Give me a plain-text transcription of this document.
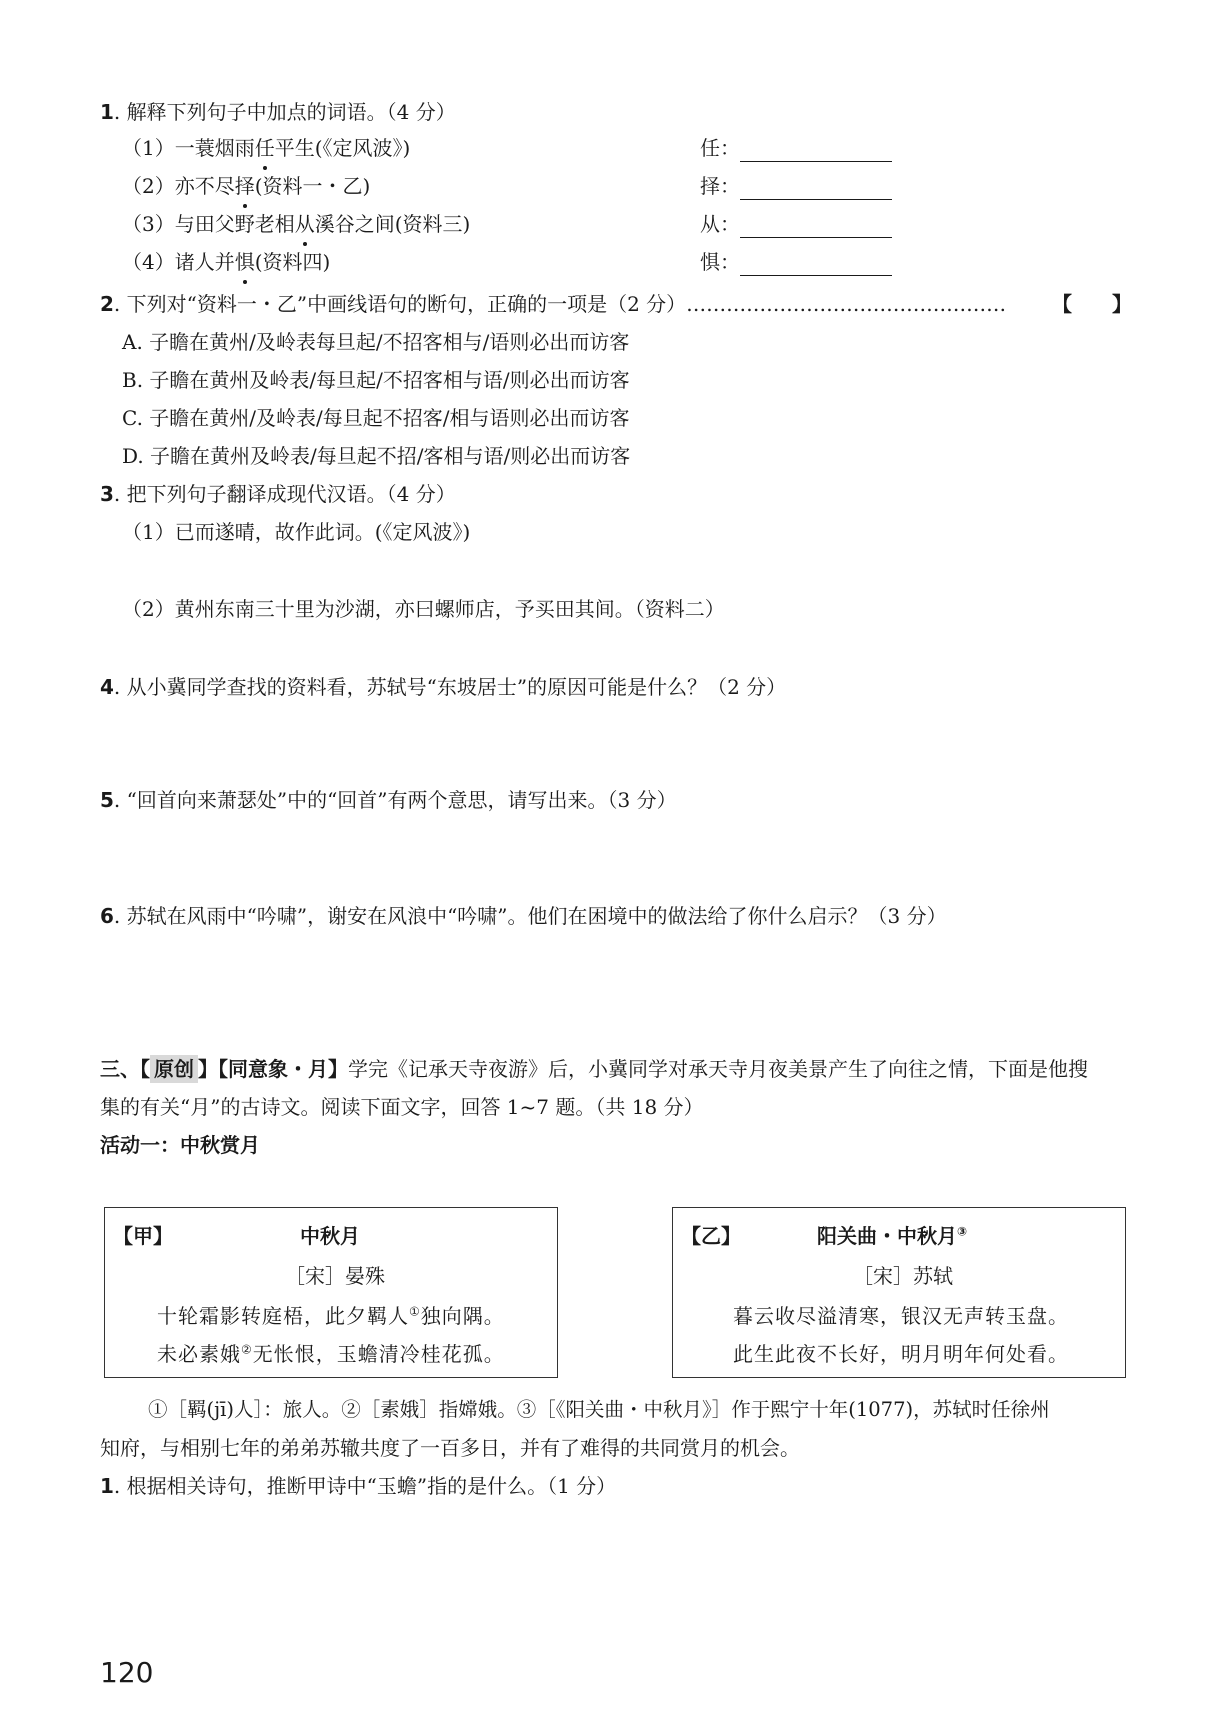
1. 解释下列句子中加点的词语。（4 分）
（1）一蓑烟雨任平生(《定风波》)	任：
（2）亦不尽择(资料一・乙)	择：
（3）与田父野老相从溪谷之间(资料三)	从：
（4）诸人并惧(资料四)	惧：
2. 下列对“资料一・乙”中画线语句的断句，正确的一项是（2 分）…………………………………………	【　　】
A. 子瞻在黄州/及岭表每旦起/不招客相与/语则必出而访客
B. 子瞻在黄州及岭表/每旦起/不招客相与语/则必出而访客
C. 子瞻在黄州/及岭表/每旦起不招客/相与语则必出而访客
D. 子瞻在黄州及岭表/每旦起不招/客相与语/则必出而访客
3. 把下列句子翻译成现代汉语。（4 分）
（1）已而遂晴，故作此词。(《定风波》)
（2）黄州东南三十里为沙湖，亦曰螺师店，予买田其间。（资料二）
4. 从小冀同学查找的资料看，苏轼号“东坡居士”的原因可能是什么？（2 分）
5. “回首向来萧瑟处”中的“回首”有两个意思，请写出来。（3 分）
6. 苏轼在风雨中“吟啸”，谢安在风浪中“吟啸”。他们在困境中的做法给了你什么启示？（3 分）
三、【 原创 】【同意象・月】学完《记承天寺夜游》后，小冀同学对承天寺月夜美景产生了向往之情，下面是他搜
集的有关“月”的古诗文。阅读下面文字，回答 1~7 题。（共 18 分）
活动一：中秋赏月
【甲】	中秋月
［宋］晏殊
十轮霜影转庭梧，此夕羁人①独向隅。
未必素娥②无怅恨，玉蟾清冷桂花孤。
【乙】	阳关曲・中秋月③
［宋］苏轼
暮云收尽溢清寒，银汉无声转玉盘。
此生此夜不长好，明月明年何处看。
①［羁(jī)人］：旅人。②［素娥］指嫦娥。③［《阳关曲・中秋月》］作于熙宁十年(1077)，苏轼时任徐州
知府，与相别七年的弟弟苏辙共度了一百多日，并有了难得的共同赏月的机会。
1. 根据相关诗句，推断甲诗中“玉蟾”指的是什么。（1 分）
120
